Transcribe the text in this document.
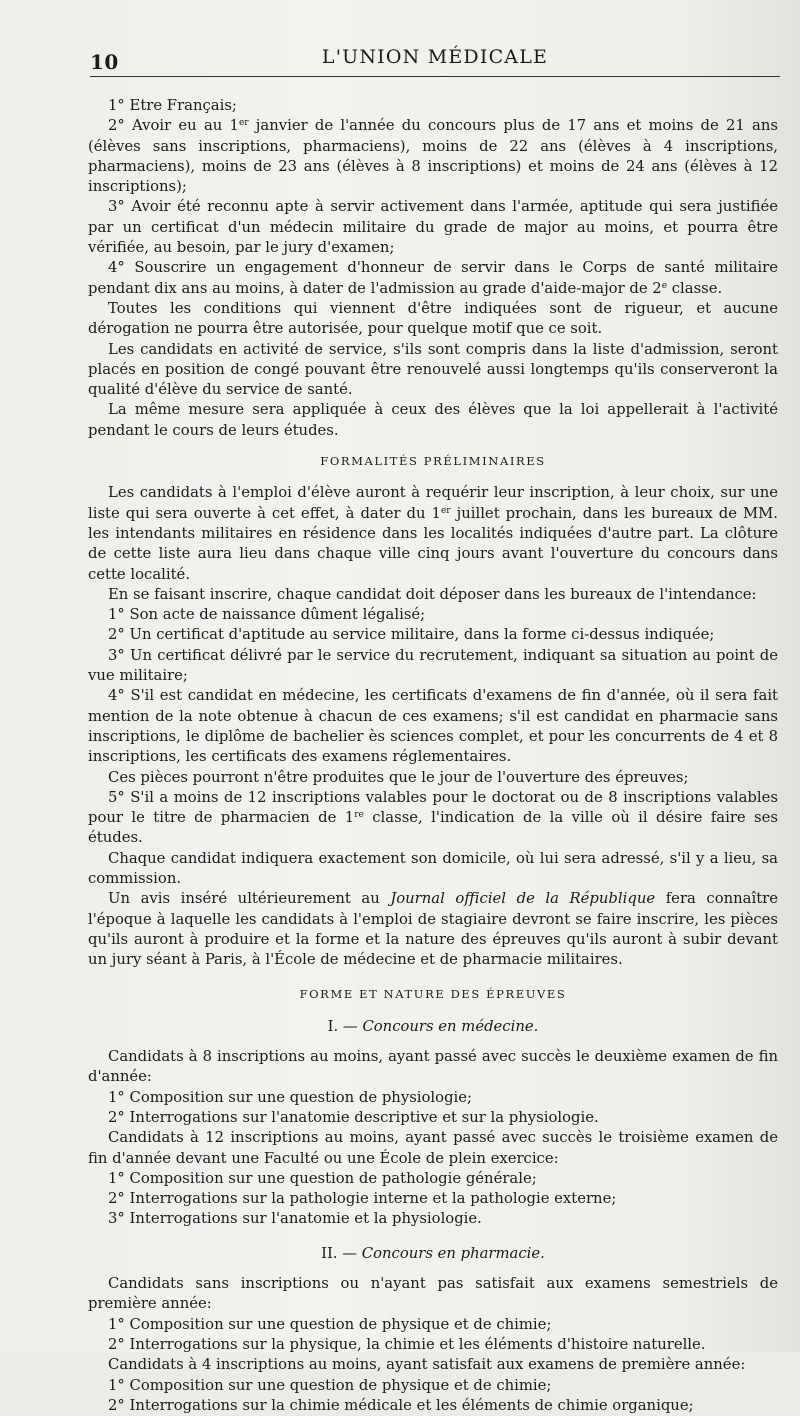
10	L'UNION MÉDICALE

1° Etre Français;

2° Avoir eu au 1er janvier de l'année du concours plus de 17 ans et moins de 21 ans (élèves sans inscriptions, pharmaciens), moins de 22 ans (élèves à 4 inscriptions, pharmaciens), moins de 23 ans (élèves à 8 inscriptions) et moins de 24 ans (élèves à 12 inscriptions);

3° Avoir été reconnu apte à servir activement dans l'armée, aptitude qui sera justifiée par un certificat d'un médecin militaire du grade de major au moins, et pourra être vérifiée, au besoin, par le jury d'examen;

4° Souscrire un engagement d'honneur de servir dans le Corps de santé militaire pendant dix ans au moins, à dater de l'admission au grade d'aide-major de 2e classe.

Toutes les conditions qui viennent d'être indiquées sont de rigueur, et aucune dérogation ne pourra être autorisée, pour quelque motif que ce soit.

Les candidats en activité de service, s'ils sont compris dans la liste d'admission, seront placés en position de congé pouvant être renouvelé aussi longtemps qu'ils conserveront la qualité d'élève du service de santé.

La même mesure sera appliquée à ceux des élèves que la loi appellerait à l'activité pendant le cours de leurs études.

FORMALITÉS PRÉLIMINAIRES

Les candidats à l'emploi d'élève auront à requérir leur inscription, à leur choix, sur une liste qui sera ouverte à cet effet, à dater du 1er juillet prochain, dans les bureaux de MM. les intendants militaires en résidence dans les localités indiquées d'autre part. La clôture de cette liste aura lieu dans chaque ville cinq jours avant l'ouverture du concours dans cette localité.

En se faisant inscrire, chaque candidat doit déposer dans les bureaux de l'intendance:

1° Son acte de naissance dûment légalisé;

2° Un certificat d'aptitude au service militaire, dans la forme ci-dessus indiquée;

3° Un certificat délivré par le service du recrutement, indiquant sa situation au point de vue militaire;

4° S'il est candidat en médecine, les certificats d'examens de fin d'année, où il sera fait mention de la note obtenue à chacun de ces examens; s'il est candidat en pharmacie sans inscriptions, le diplôme de bachelier ès sciences complet, et pour les concurrents de 4 et 8 inscriptions, les certificats des examens réglementaires.

Ces pièces pourront n'être produites que le jour de l'ouverture des épreuves;

5° S'il a moins de 12 inscriptions valables pour le doctorat ou de 8 inscriptions valables pour le titre de pharmacien de 1re classe, l'indication de la ville où il désire faire ses études.

Chaque candidat indiquera exactement son domicile, où lui sera adressé, s'il y a lieu, sa commission.

Un avis inséré ultérieurement au Journal officiel de la République fera connaître l'époque à laquelle les candidats à l'emploi de stagiaire devront se faire inscrire, les pièces qu'ils auront à produire et la forme et la nature des épreuves qu'ils auront à subir devant un jury séant à Paris, à l'École de médecine et de pharmacie militaires.

FORME ET NATURE DES ÉPREUVES

I. — Concours en médecine.

Candidats à 8 inscriptions au moins, ayant passé avec succès le deuxième examen de fin d'année:

1° Composition sur une question de physiologie;

2° Interrogations sur l'anatomie descriptive et sur la physiologie.

Candidats à 12 inscriptions au moins, ayant passé avec succès le troisième examen de fin d'année devant une Faculté ou une École de plein exercice:

1° Composition sur une question de pathologie générale;

2° Interrogations sur la pathologie interne et la pathologie externe;

3° Interrogations sur l'anatomie et la physiologie.

II. — Concours en pharmacie.

Candidats sans inscriptions ou n'ayant pas satisfait aux examens semestriels de première année:

1° Composition sur une question de physique et de chimie;

2° Interrogations sur la physique, la chimie et les éléments d'histoire naturelle.

Candidats à 4 inscriptions au moins, ayant satisfait aux examens de première année:

1° Composition sur une question de physique et de chimie;

2° Interrogations sur la chimie médicale et les éléments de chimie organique;
